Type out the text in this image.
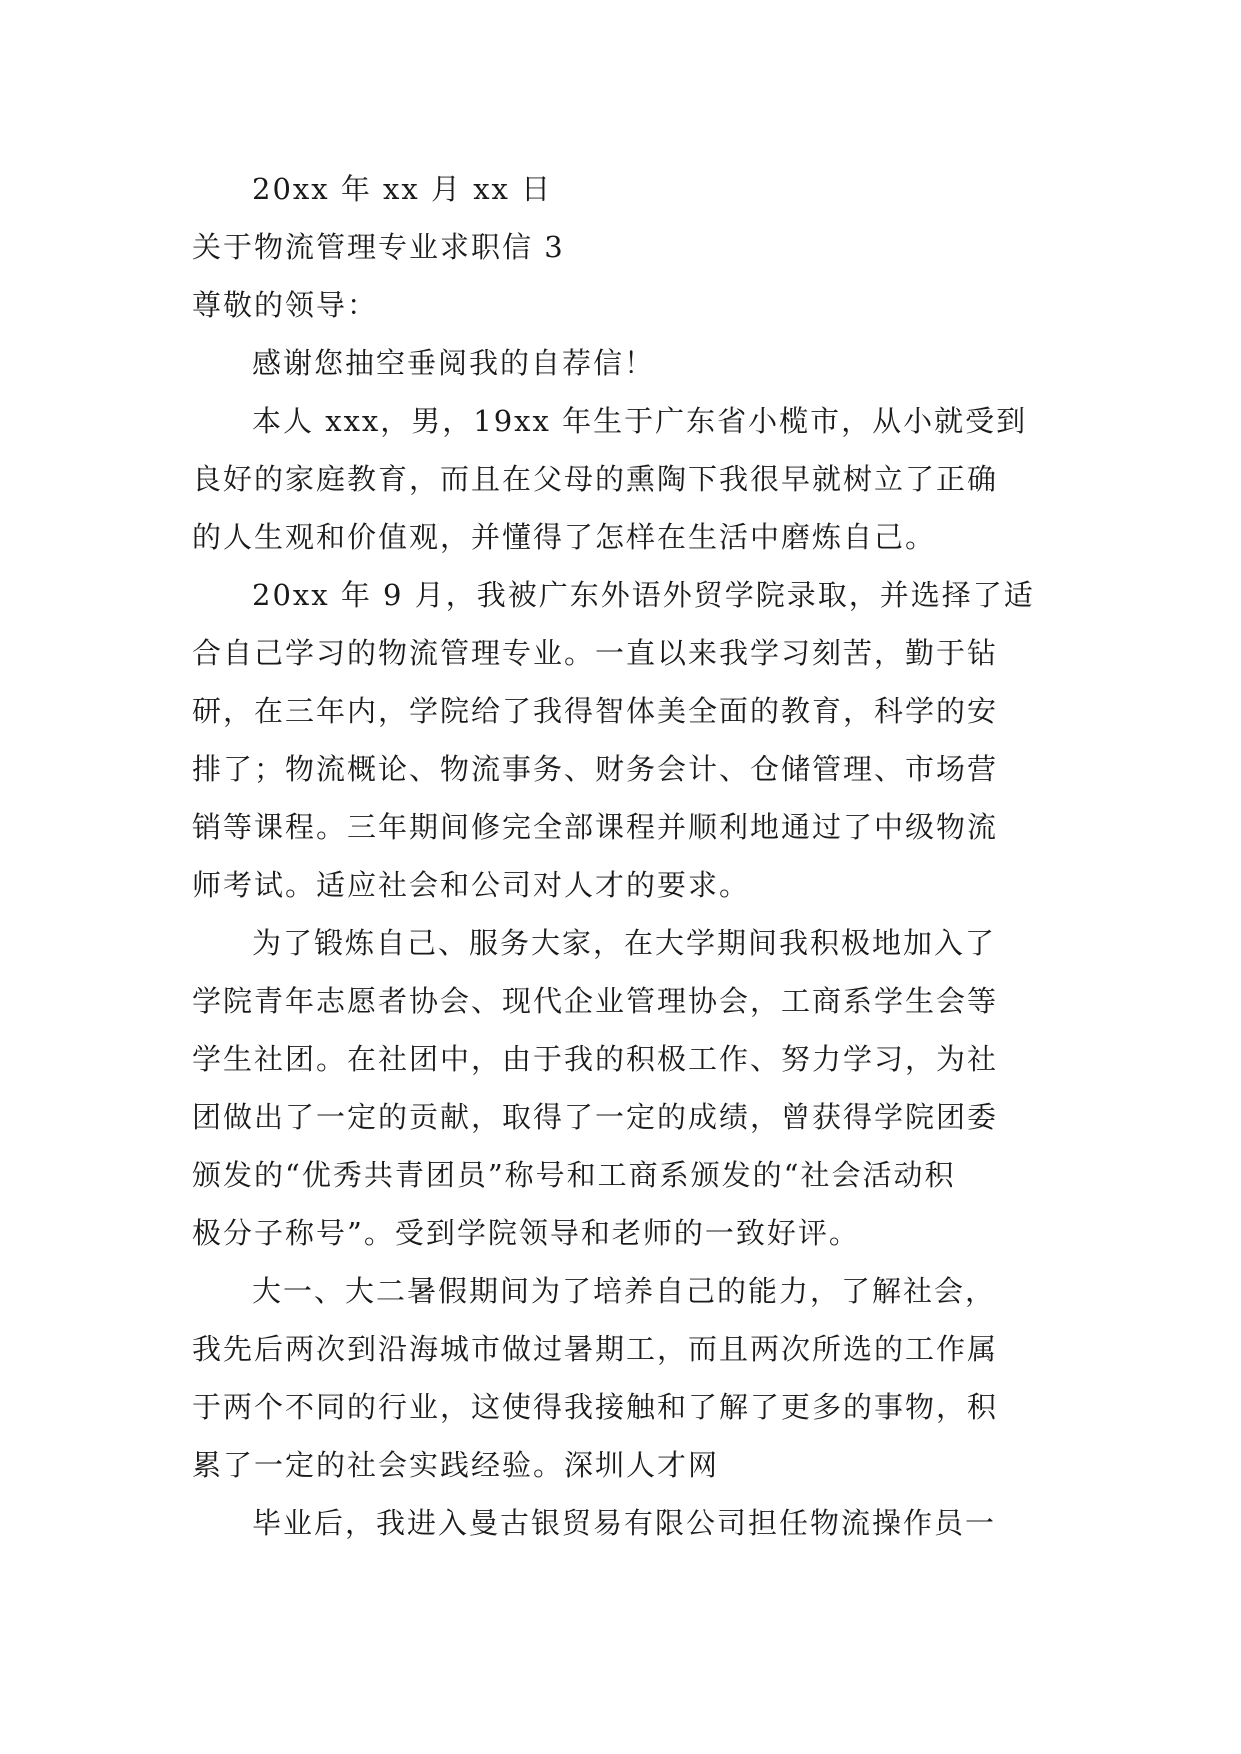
20xx 年 xx 月 xx 日
关于物流管理专业求职信 3
尊敬的领导：
感谢您抽空垂阅我的自荐信！
本人 xxx，男，19xx 年生于广东省小榄市，从小就受到
良好的家庭教育，而且在父母的熏陶下我很早就树立了正确
的人生观和价值观，并懂得了怎样在生活中磨炼自己。
20xx 年 9 月，我被广东外语外贸学院录取，并选择了适
合自己学习的物流管理专业。一直以来我学习刻苦，勤于钻
研，在三年内，学院给了我得智体美全面的教育，科学的安
排了；物流概论、物流事务、财务会计、仓储管理、市场营
销等课程。三年期间修完全部课程并顺利地通过了中级物流
师考试。适应社会和公司对人才的要求。
为了锻炼自己、服务大家，在大学期间我积极地加入了
学院青年志愿者协会、现代企业管理协会，工商系学生会等
学生社团。在社团中，由于我的积极工作、努力学习，为社
团做出了一定的贡献，取得了一定的成绩，曾获得学院团委
颁发的“优秀共青团员”称号和工商系颁发的“社会活动积
极分子称号”。受到学院领导和老师的一致好评。
大一、大二暑假期间为了培养自己的能力，了解社会，
我先后两次到沿海城市做过暑期工，而且两次所选的工作属
于两个不同的行业，这使得我接触和了解了更多的事物，积
累了一定的社会实践经验。深圳人才网
毕业后，我进入曼古银贸易有限公司担任物流操作员一
